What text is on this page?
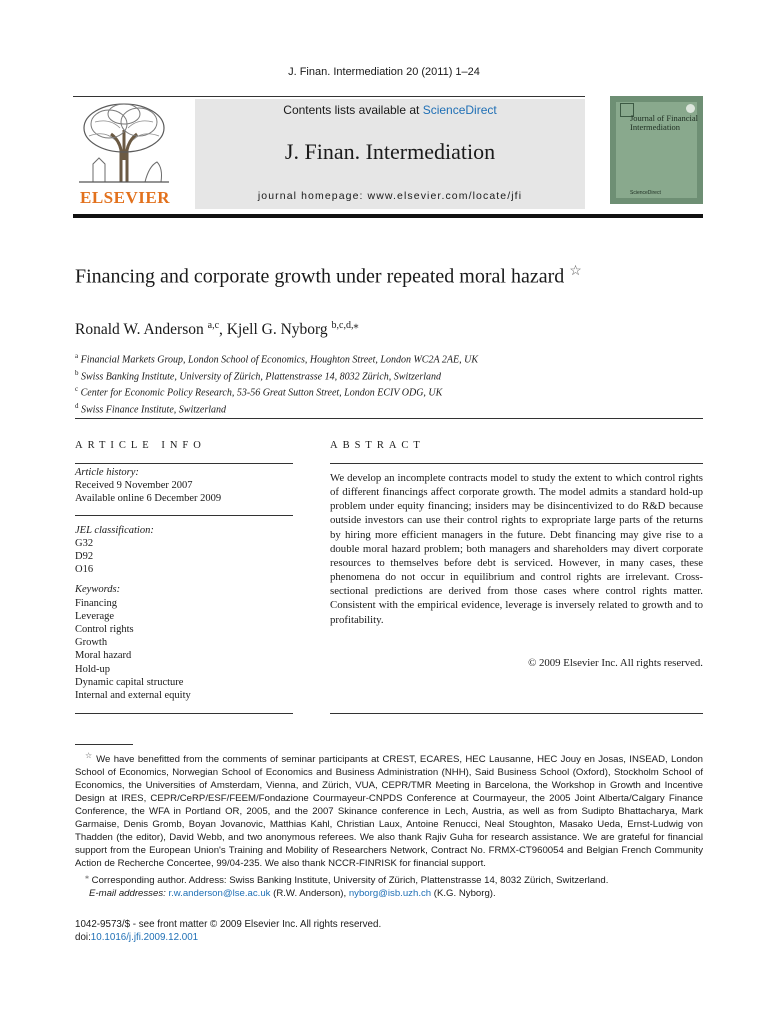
J. Finan. Intermediation 20 (2011) 1–24
ELSEVIER
Contents lists available at ScienceDirect
J. Finan. Intermediation
journal homepage: www.elsevier.com/locate/jfi
Journal of Financial Intermediation
ScienceDirect
Financing and corporate growth under repeated moral hazard ☆
Ronald W. Anderson $^{a,c}$, Kjell G. Nyborg $^{b,c,d,⁎}$
$^a$ Financial Markets Group, London School of Economics, Houghton Street, London WC2A 2AE, UK
$^b$ Swiss Banking Institute, University of Zürich, Plattenstrasse 14, 8032 Zürich, Switzerland
$^c$ Center for Economic Policy Research, 53-56 Great Sutton Street, London ECIV ODG, UK
$^d$ Swiss Finance Institute, Switzerland
ARTICLE INFO	ABSTRACT
Article history:
Received 9 November 2007
Available online 6 December 2009
JEL classification:
G32
D92
O16
Keywords:
Financing
Leverage
Control rights
Growth
Moral hazard
Hold-up
Dynamic capital structure
Internal and external equity
We develop an incomplete contracts model to study the extent to which control rights of different financings affect corporate growth. The model admits a standard hold-up problem under equity financing; insiders may be disincentivized to do R&D because outside investors can use their control rights to expropriate large parts of the returns by hiring more efficient managers in the future. Debt financing may give rise to a double moral hazard problem; both managers and shareholders may divert corporate resources to themselves before debt is serviced. However, in many cases, these phenomena do not occur in equilibrium and control rights are irrelevant. Cross-sectional predictions are derived from those cases where control rights matter. Consistent with the empirical evidence, leverage is inversely related to growth and to profitability.
© 2009 Elsevier Inc. All rights reserved.
☆ We have benefitted from the comments of seminar participants at CREST, ECARES, HEC Lausanne, HEC Jouy en Josas, INSEAD, London School of Economics, Norwegian School of Economics and Business Administration (NHH), Said Business School (Oxford), Stockholm School of Economics, the Universities of Amsterdam, Vienna, and Zürich, VUA, CEPR/TMR Meeting in Barcelona, the Workshop in Growth and Incentive Design at IRES, CEPR/CeRP/ESF/FEEM/Fondazione Courmayeur-CNPDS Conference at Courmayeur, the 2005 Joint Alberta/Calgary Finance Conference, the WFA in Portland OR, 2005, and the 2007 Skinance conference in Lech, Austria, as well as from Sudipto Bhattacharya, Mark Garmaise, Denis Gromb, Boyan Jovanovic, Matthias Kahl, Christian Laux, Antoine Renucci, Neal Stoughton, Masako Ueda, Ernst-Ludwig von Thadden (the editor), David Webb, and two anonymous referees. We also thank Rajiv Guha for research assistance. We are grateful for financial support from the European Union's Training and Mobility of Researchers Network, Contract No. FRMX-CT960054 and Belgian French Community Action de Recherche Concertee, 99/04-235. We also thank NCCR-FINRISK for financial support.
⁎ Corresponding author. Address: Swiss Banking Institute, University of Zürich, Plattenstrasse 14, 8032 Zürich, Switzerland.
E-mail addresses: r.w.anderson@lse.ac.uk (R.W. Anderson), nyborg@isb.uzh.ch (K.G. Nyborg).
1042-9573/$ - see front matter © 2009 Elsevier Inc. All rights reserved.
doi:10.1016/j.jfi.2009.12.001
